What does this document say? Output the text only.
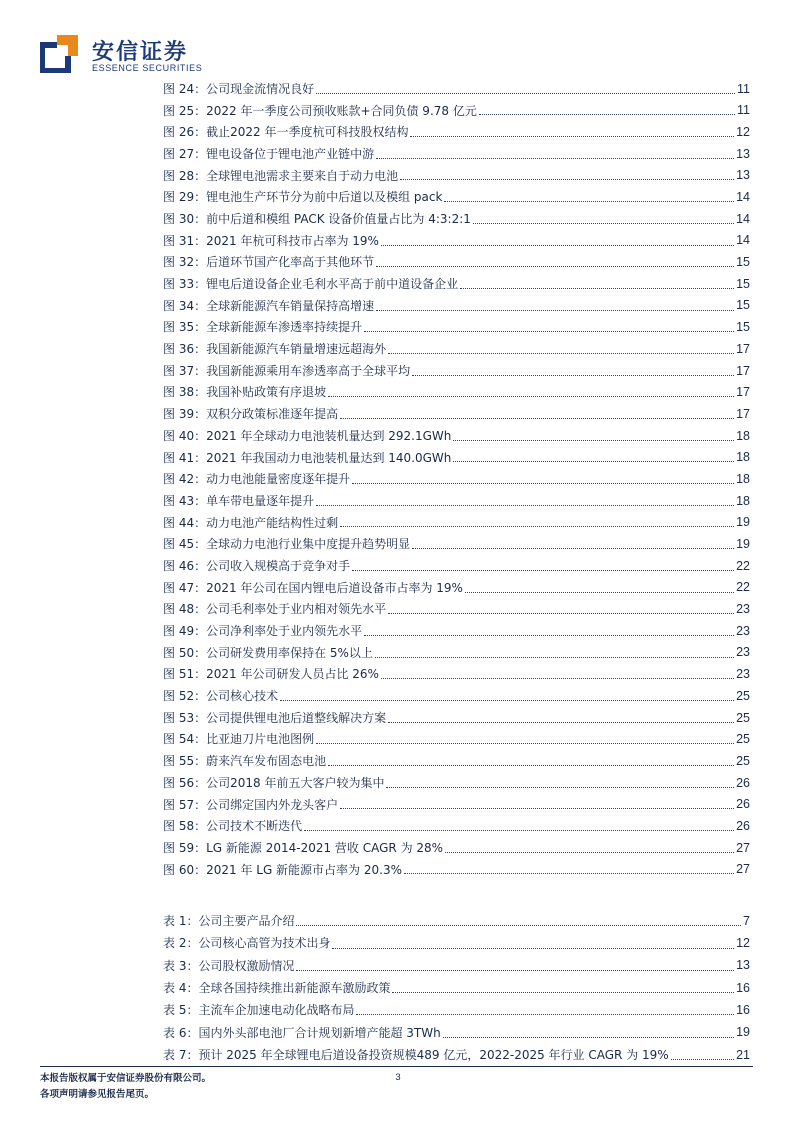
安信证券
ESSENCE SECURITIES
图 24：公司现金流情况良好	11
图 25：2022 年一季度公司预收账款+合同负债 9.78 亿元	11
图 26：截止2022 年一季度杭可科技股权结构	12
图 27：锂电设备位于锂电池产业链中游	13
图 28：全球锂电池需求主要来自于动力电池	13
图 29：锂电池生产环节分为前中后道以及模组 pack	14
图 30：前中后道和模组 PACK 设备价值量占比为 4:3:2:1	14
图 31：2021 年杭可科技市占率为 19%	14
图 32：后道环节国产化率高于其他环节	15
图 33：锂电后道设备企业毛利水平高于前中道设备企业	15
图 34：全球新能源汽车销量保持高增速	15
图 35：全球新能源车渗透率持续提升	15
图 36：我国新能源汽车销量增速远超海外	17
图 37：我国新能源乘用车渗透率高于全球平均	17
图 38：我国补贴政策有序退坡	17
图 39：双积分政策标准逐年提高	17
图 40：2021 年全球动力电池装机量达到 292.1GWh	18
图 41：2021 年我国动力电池装机量达到 140.0GWh	18
图 42：动力电池能量密度逐年提升	18
图 43：单车带电量逐年提升	18
图 44：动力电池产能结构性过剩	19
图 45：全球动力电池行业集中度提升趋势明显	19
图 46：公司收入规模高于竞争对手	22
图 47：2021 年公司在国内锂电后道设备市占率为 19%	22
图 48：公司毛利率处于业内相对领先水平	23
图 49：公司净利率处于业内领先水平	23
图 50：公司研发费用率保持在 5%以上	23
图 51：2021 年公司研发人员占比 26%	23
图 52：公司核心技术	25
图 53：公司提供锂电池后道整线解决方案	25
图 54：比亚迪刀片电池图例	25
图 55：蔚来汽车发布固态电池	25
图 56：公司2018 年前五大客户较为集中	26
图 57：公司绑定国内外龙头客户	26
图 58：公司技术不断迭代	26
图 59：LG 新能源 2014-2021 营收 CAGR 为 28%	27
图 60：2021 年 LG 新能源市占率为 20.3%	27
表 1：公司主要产品介绍	7
表 2：公司核心高管为技术出身	12
表 3：公司股权激励情况	13
表 4：全球各国持续推出新能源车激励政策	16
表 5：主流车企加速电动化战略布局	16
表 6：国内外头部电池厂合计规划新增产能超 3TWh	19
表 7：预计 2025 年全球锂电后道设备投资规模489 亿元，2022-2025 年行业 CAGR 为 19%	21
本报告版权属于安信证券股份有限公司。
各项声明请参见报告尾页。
3
